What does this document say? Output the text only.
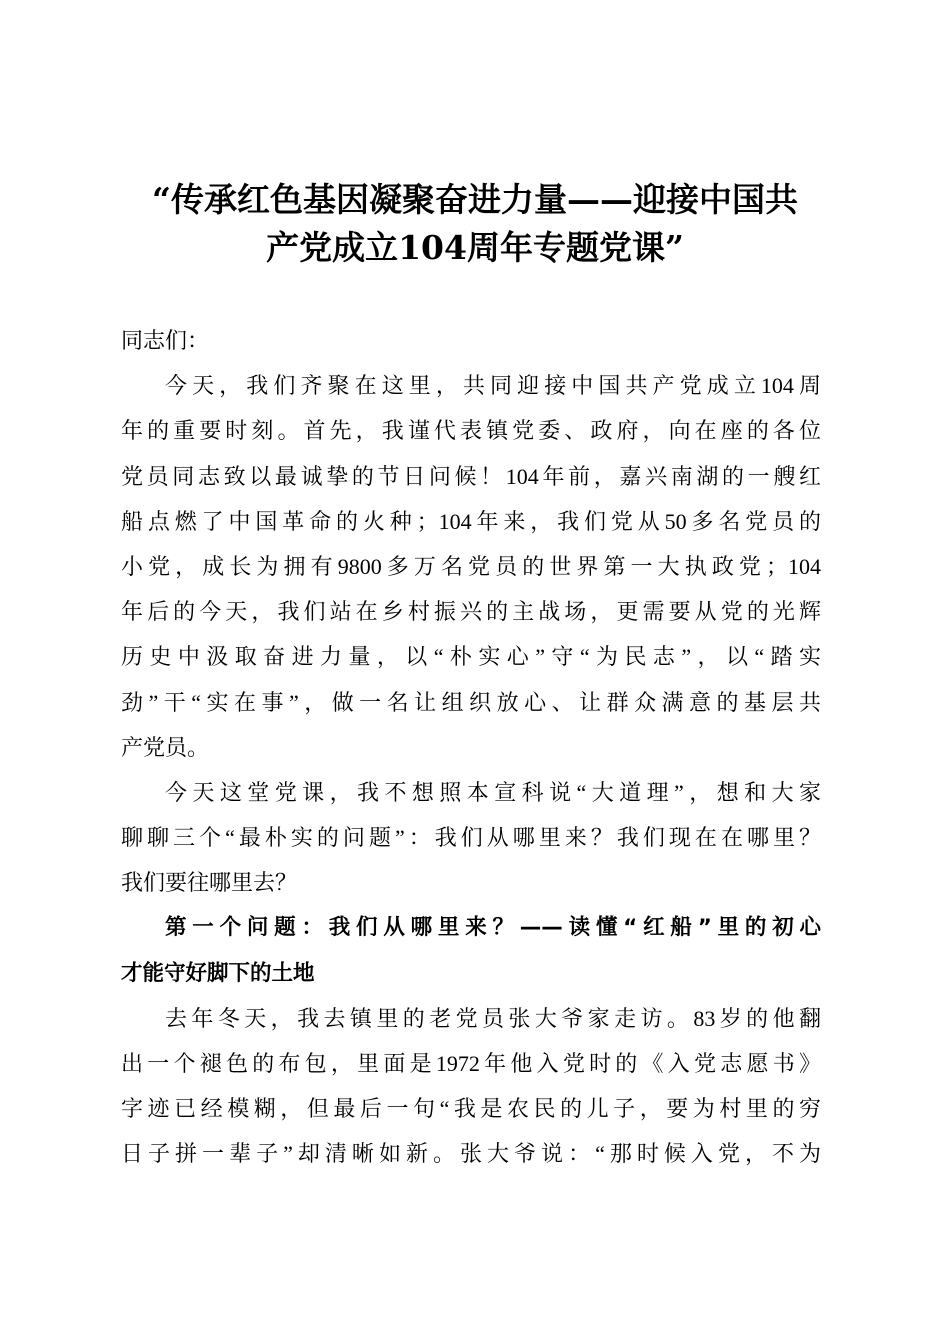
“传承红色基因凝聚奋进力量——迎接中国共
产党成立104周年专题党课”
同志们：
今天，我们齐聚在这里，共同迎接中国共产党成立104周
年的重要时刻。首先，我谨代表镇党委、政府，向在座的各位
党员同志致以最诚挚的节日问候！104年前，嘉兴南湖的一艘红
船点燃了中国革命的火种；104年来，我们党从50多名党员的
小党，成长为拥有9800多万名党员的世界第一大执政党；104
年后的今天，我们站在乡村振兴的主战场，更需要从党的光辉
历史中汲取奋进力量，以“朴实心”守“为民志”，以“踏实
劲”干“实在事”，做一名让组织放心、让群众满意的基层共
产党员。
今天这堂党课，我不想照本宣科说“大道理”，想和大家
聊聊三个“最朴实的问题”：我们从哪里来？我们现在在哪里？
我们要往哪里去？
第一个问题：我们从哪里来？——读懂“红船”里的初心
才能守好脚下的土地
去年冬天，我去镇里的老党员张大爷家走访。83岁的他翻
出一个褪色的布包，里面是1972年他入党时的《入党志愿书》
字迹已经模糊，但最后一句“我是农民的儿子，要为村里的穷
日子拼一辈子”却清晰如新。张大爷说：“那时候入党，不为
